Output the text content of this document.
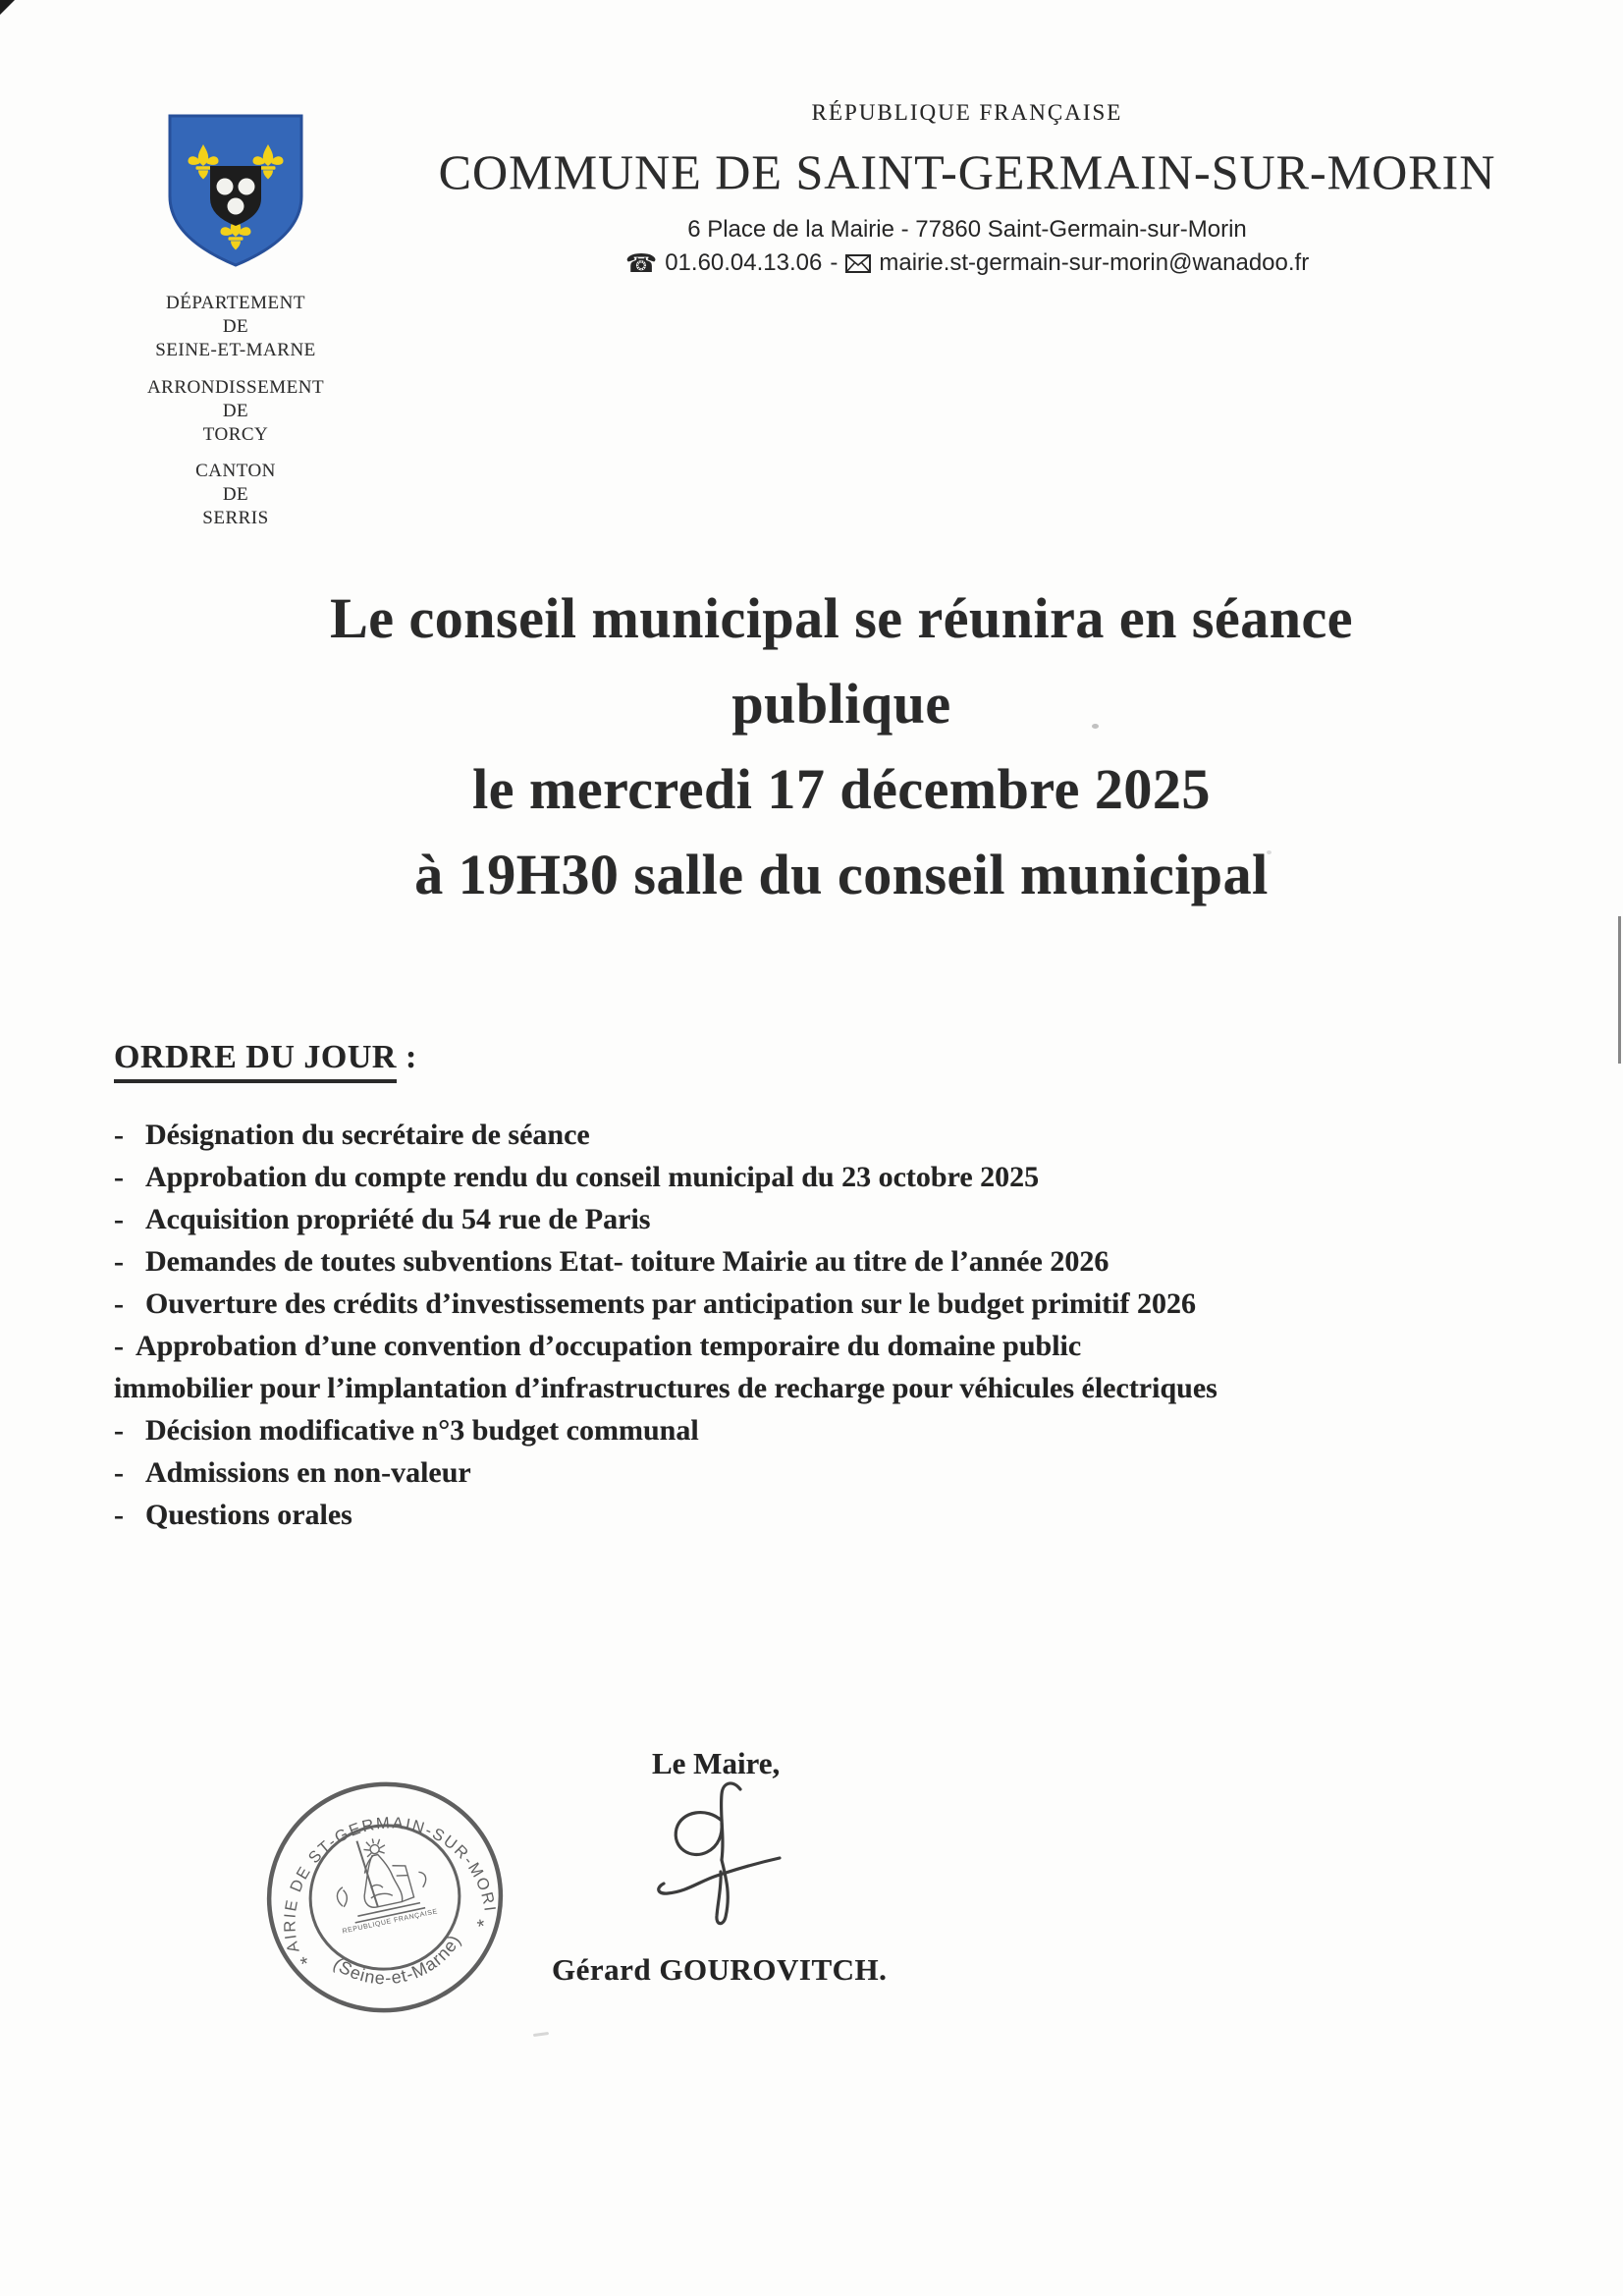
DÉPARTEMENT
DE
SEINE-ET-MARNE
ARRONDISSEMENT
DE
TORCY
CANTON
DE
SERRIS
RÉPUBLIQUE FRANÇAISE
COMMUNE DE SAINT-GERMAIN-SUR-MORIN
6 Place de la Mairie - 77860 Saint-Germain-sur-Morin
☎ 01.60.04.13.06 - mairie.st-germain-sur-morin@wanadoo.fr
Le conseil municipal se réunira en séance
publique
le mercredi 17 décembre 2025
à 19H30 salle du conseil municipal
ORDRE DU JOUR :
- Désignation du secrétaire de séance
- Approbation du compte rendu du conseil municipal du 23 octobre 2025
- Acquisition propriété du 54 rue de Paris
- Demandes de toutes subventions Etat- toiture Mairie au titre de l’année 2026
- Ouverture des crédits d’investissements par anticipation sur le budget primitif 2026
- Approbation d’une convention d’occupation temporaire du domaine public
immobilier pour l’implantation d’infrastructures de recharge pour véhicules électriques
- Décision modificative n°3 budget communal
- Admissions en non-valeur
- Questions orales
Le Maire,
Gérard GOUROVITCH.
MAIRIE DE ST-GERMAIN-SUR-MORIN
(Seine-et-Marne)
*
*
REPUBLIQUE FRANÇAISE
